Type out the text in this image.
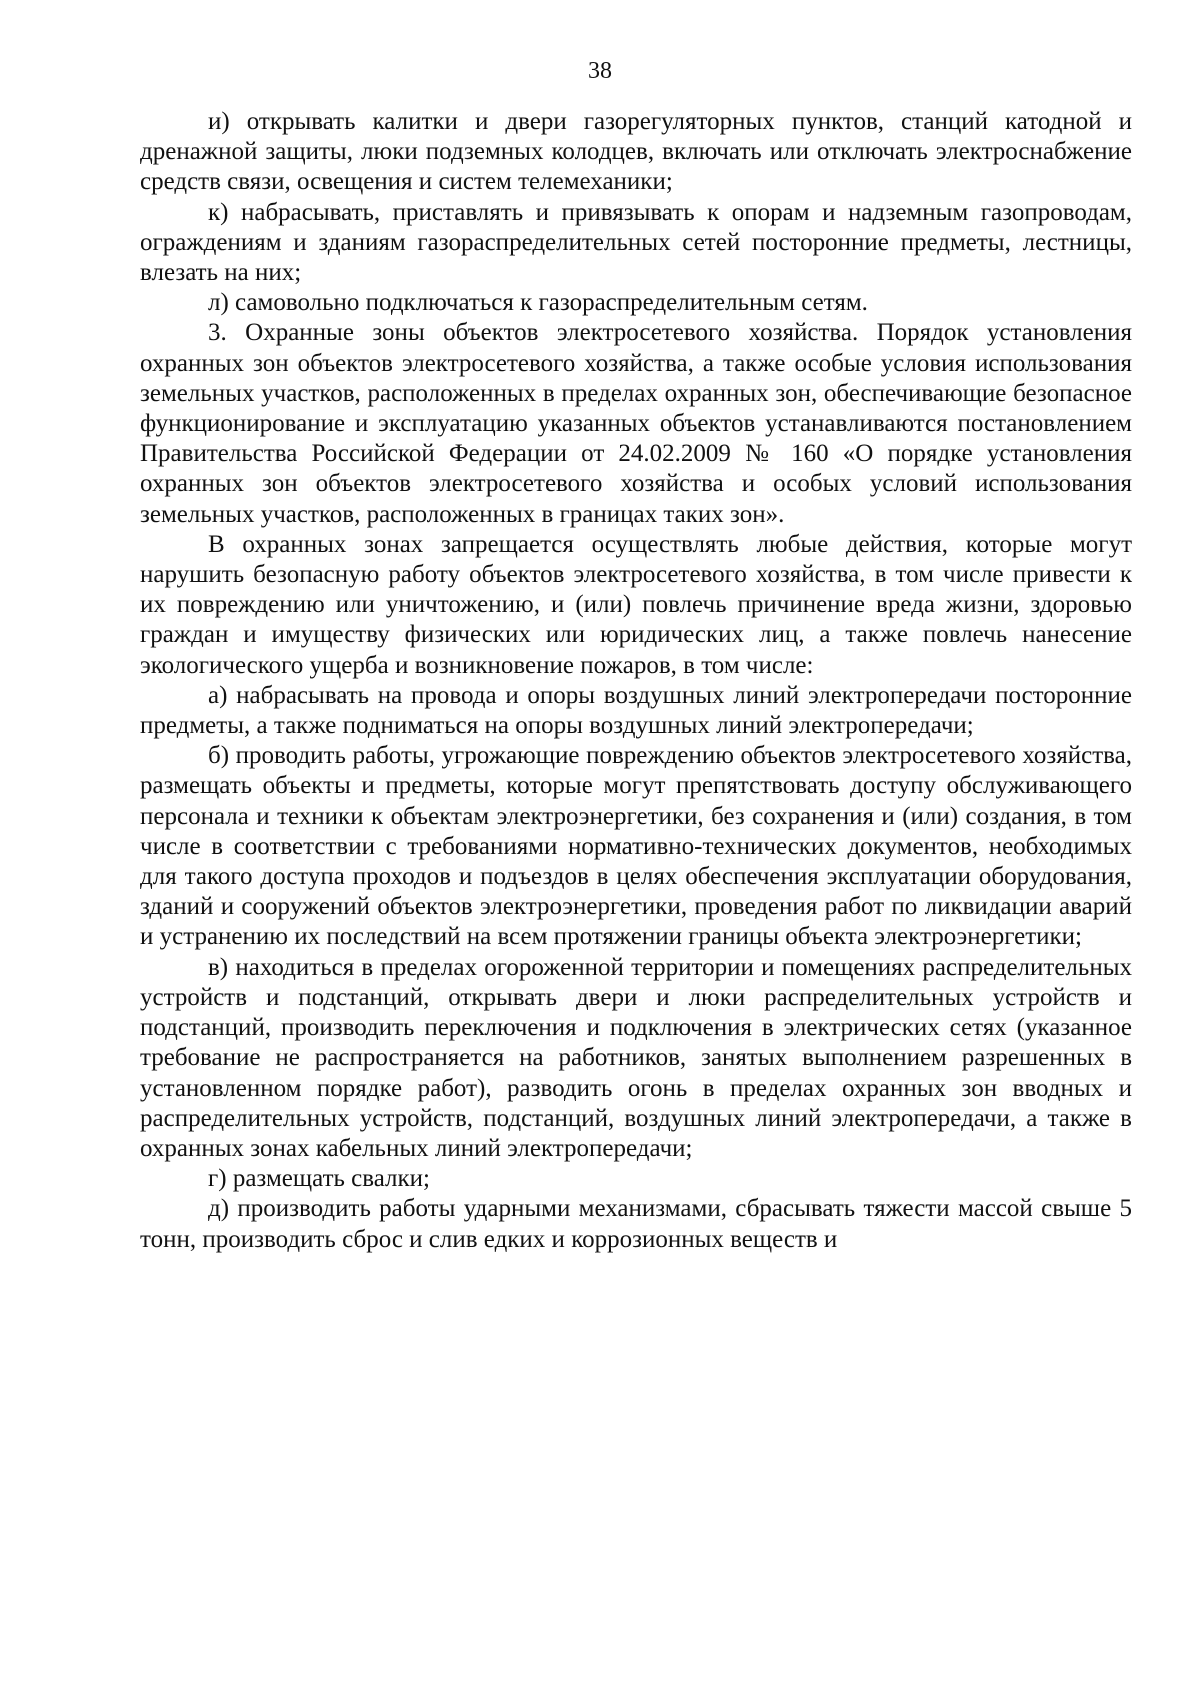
38

и) открывать калитки и двери газорегуляторных пунктов, станций катодной и дренажной защиты, люки подземных колодцев, включать или отключать электроснабжение средств связи, освещения и систем телемеханики;

к) набрасывать, приставлять и привязывать к опорам и надземным газопроводам, ограждениям и зданиям газораспределительных сетей посторонние предметы, лестницы, влезать на них;

л) самовольно подключаться к газораспределительным сетям.

3. Охранные зоны объектов электросетевого хозяйства. Порядок установления охранных зон объектов электросетевого хозяйства, а также особые условия использования земельных участков, расположенных в пределах охранных зон, обеспечивающие безопасное функционирование и эксплуатацию указанных объектов устанавливаются постановлением Правительства Российской Федерации от 24.02.2009 № 160 «О порядке установления охранных зон объектов электросетевого хозяйства и особых условий использования земельных участков, расположенных в границах таких зон».

В охранных зонах запрещается осуществлять любые действия, которые могут нарушить безопасную работу объектов электросетевого хозяйства, в том числе привести к их повреждению или уничтожению, и (или) повлечь причинение вреда жизни, здоровью граждан и имуществу физических или юридических лиц, а также повлечь нанесение экологического ущерба и возникновение пожаров, в том числе:

а) набрасывать на провода и опоры воздушных линий электропередачи посторонние предметы, а также подниматься на опоры воздушных линий электропередачи;

б) проводить работы, угрожающие повреждению объектов электросетевого хозяйства, размещать объекты и предметы, которые могут препятствовать доступу обслуживающего персонала и техники к объектам электроэнергетики, без сохранения и (или) создания, в том числе в соответствии с требованиями нормативно-технических документов, необходимых для такого доступа проходов и подъездов в целях обеспечения эксплуатации оборудования, зданий и сооружений объектов электроэнергетики, проведения работ по ликвидации аварий и устранению их последствий на всем протяжении границы объекта электроэнергетики;

в) находиться в пределах огороженной территории и помещениях распределительных устройств и подстанций, открывать двери и люки распределительных устройств и подстанций, производить переключения и подключения в электрических сетях (указанное требование не распространяется на работников, занятых выполнением разрешенных в установленном порядке работ), разводить огонь в пределах охранных зон вводных и распределительных устройств, подстанций, воздушных линий электропередачи, а также в охранных зонах кабельных линий электропередачи;

г) размещать свалки;

д) производить работы ударными механизмами, сбрасывать тяжести массой свыше 5 тонн, производить сброс и слив едких и коррозионных веществ и
